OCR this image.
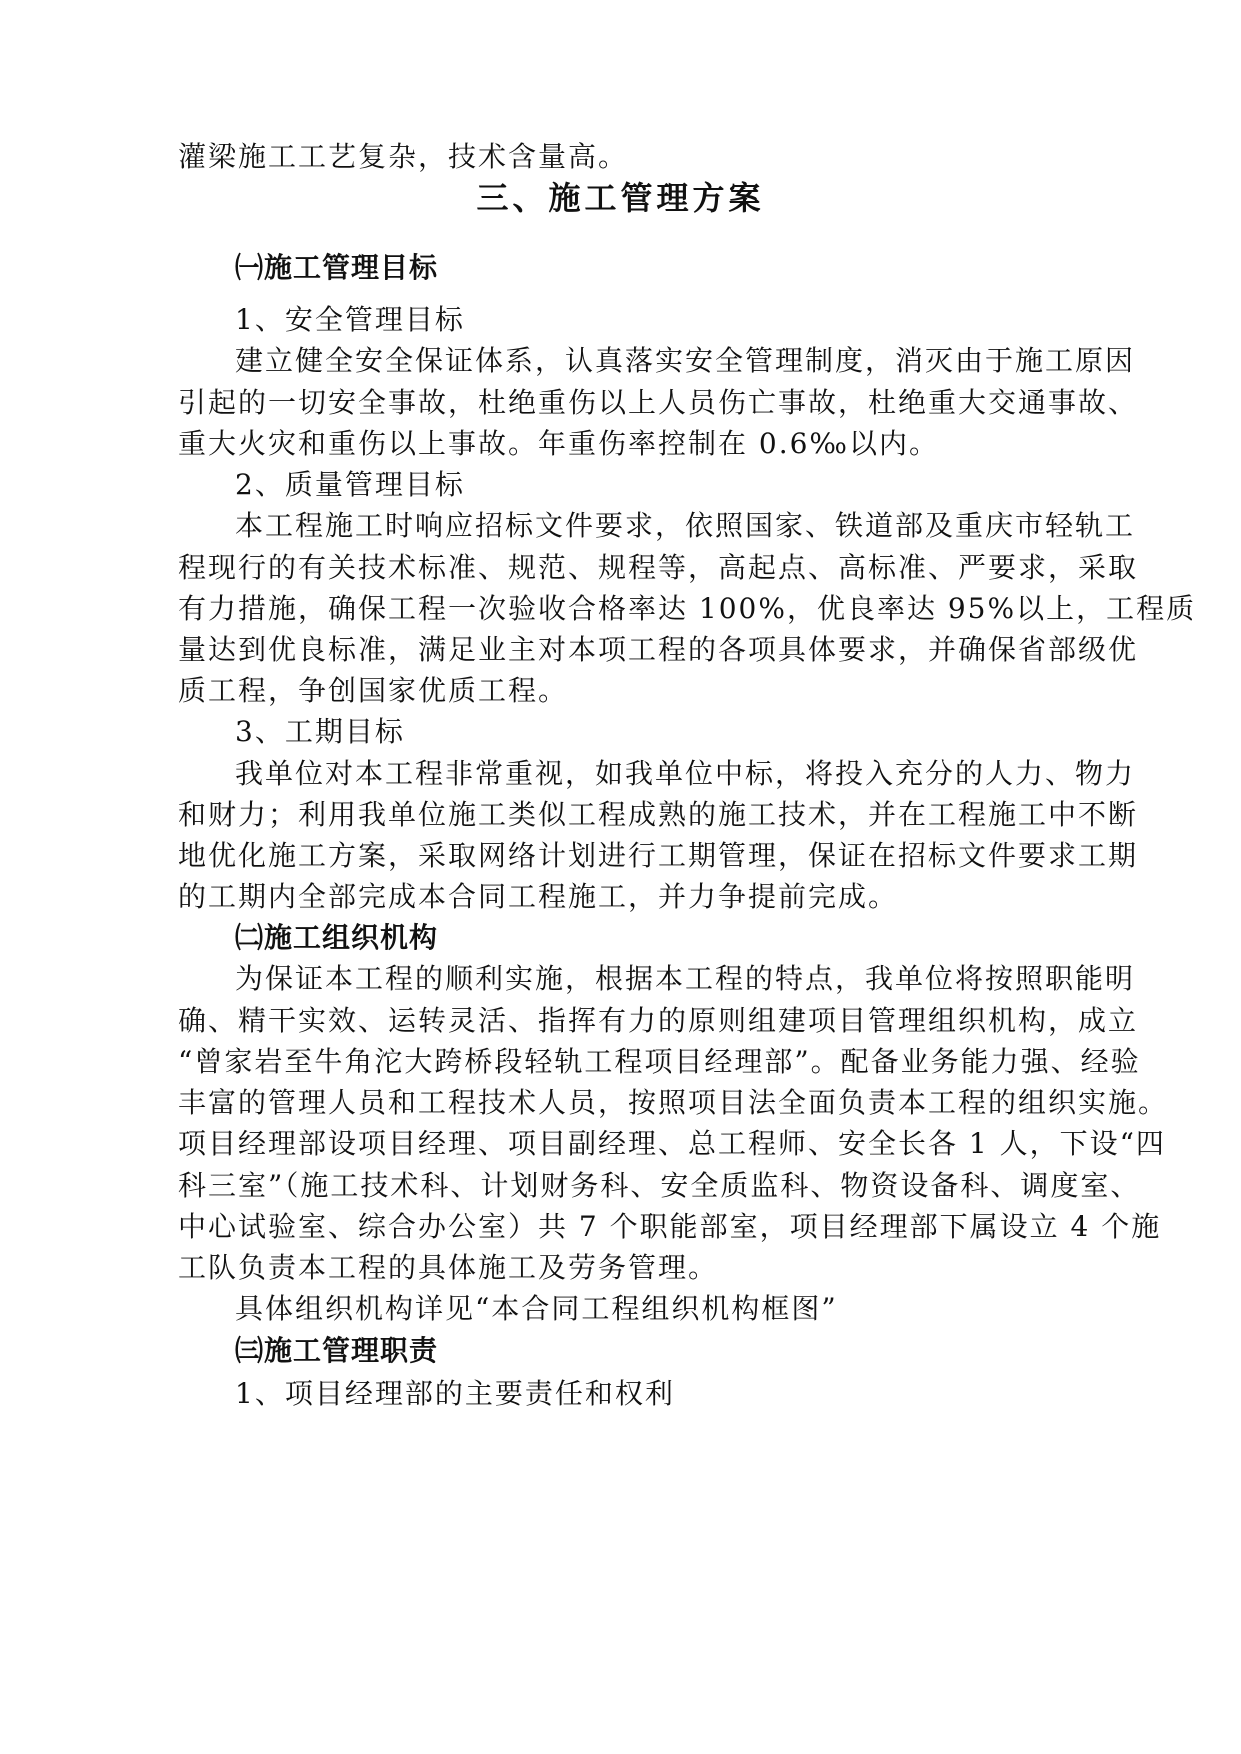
灌梁施工工艺复杂，技术含量高。
三、施工管理方案
㈠施工管理目标
1、安全管理目标
建立健全安全保证体系，认真落实安全管理制度，消灭由于施工原因
引起的一切安全事故，杜绝重伤以上人员伤亡事故，杜绝重大交通事故、
重大火灾和重伤以上事故。年重伤率控制在 0.6‰以内。
2、质量管理目标
本工程施工时响应招标文件要求，依照国家、铁道部及重庆市轻轨工
程现行的有关技术标准、规范、规程等，高起点、高标准、严要求，采取
有力措施，确保工程一次验收合格率达 100%，优良率达 95%以上，工程质
量达到优良标准，满足业主对本项工程的各项具体要求，并确保省部级优
质工程，争创国家优质工程。
3、工期目标
我单位对本工程非常重视，如我单位中标，将投入充分的人力、物力
和财力；利用我单位施工类似工程成熟的施工技术，并在工程施工中不断
地优化施工方案，采取网络计划进行工期管理，保证在招标文件要求工期
的工期内全部完成本合同工程施工，并力争提前完成。
㈡施工组织机构
为保证本工程的顺利实施，根据本工程的特点，我单位将按照职能明
确、精干实效、运转灵活、指挥有力的原则组建项目管理组织机构，成立
“曾家岩至牛角沱大跨桥段轻轨工程项目经理部”。配备业务能力强、经验
丰富的管理人员和工程技术人员，按照项目法全面负责本工程的组织实施。
项目经理部设项目经理、项目副经理、总工程师、安全长各 1 人，下设“四
科三室”（施工技术科、计划财务科、安全质监科、物资设备科、调度室、
中心试验室、综合办公室）共 7 个职能部室，项目经理部下属设立 4 个施
工队负责本工程的具体施工及劳务管理。
具体组织机构详见“本合同工程组织机构框图”
㈢施工管理职责
1、项目经理部的主要责任和权利
